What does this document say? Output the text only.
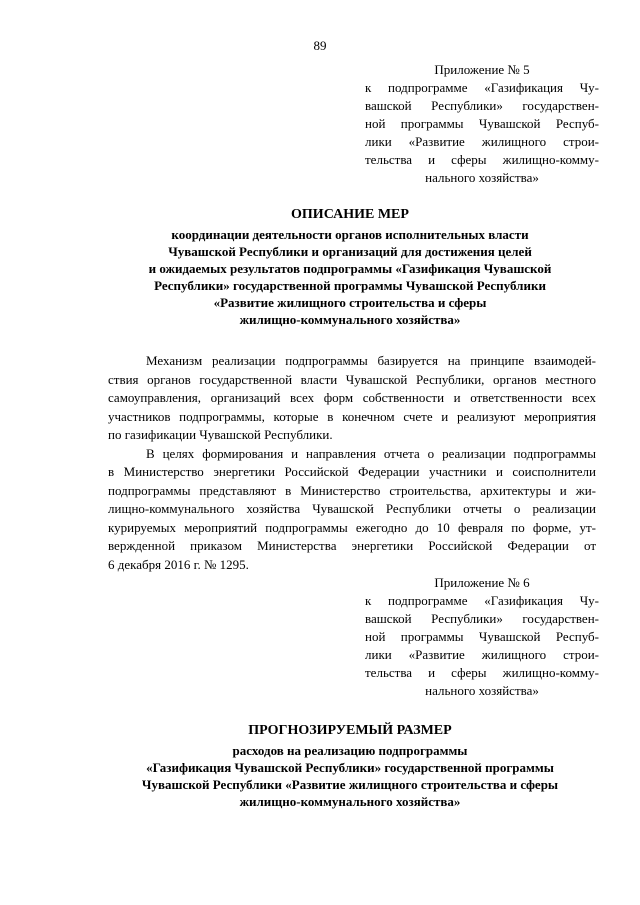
89
Приложение № 5
к подпрограмме «Газификация Чу-
вашской Республики» государствен-
ной программы Чувашской Респуб-
лики «Развитие жилищного строи-
тельства и сферы жилищно-комму-
нального хозяйства»
ОПИСАНИЕ МЕР
координации деятельности органов исполнительных власти
Чувашской Республики и организаций для достижения целей
и ожидаемых результатов подпрограммы «Газификация Чувашской
Республики» государственной программы Чувашской Республики
«Развитие жилищного строительства и сферы
жилищно-коммунального хозяйства»
Механизм реализации подпрограммы базируется на принципе взаимодей-
ствия органов государственной власти Чувашской Республики, органов местного
самоуправления, организаций всех форм собственности и ответственности всех
участников подпрограммы, которые в конечном счете и реализуют мероприятия
по газификации Чувашской Республики.
В целях формирования и направления отчета о реализации подпрограммы
в Министерство энергетики Российской Федерации участники и соисполнители
подпрограммы представляют в Министерство строительства, архитектуры и жи-
лищно-коммунального хозяйства Чувашской Республики отчеты о реализации
курируемых мероприятий подпрограммы ежегодно до 10 февраля по форме, ут-
вержденной приказом Министерства энергетики Российской Федерации от
6 декабря 2016 г. № 1295.
Приложение № 6
к подпрограмме «Газификация Чу-
вашской Республики» государствен-
ной программы Чувашской Респуб-
лики «Развитие жилищного строи-
тельства и сферы жилищно-комму-
нального хозяйства»
ПРОГНОЗИРУЕМЫЙ РАЗМЕР
расходов на реализацию подпрограммы
«Газификация Чувашской Республики» государственной программы
Чувашской Республики «Развитие жилищного строительства и сферы
жилищно-коммунального хозяйства»
